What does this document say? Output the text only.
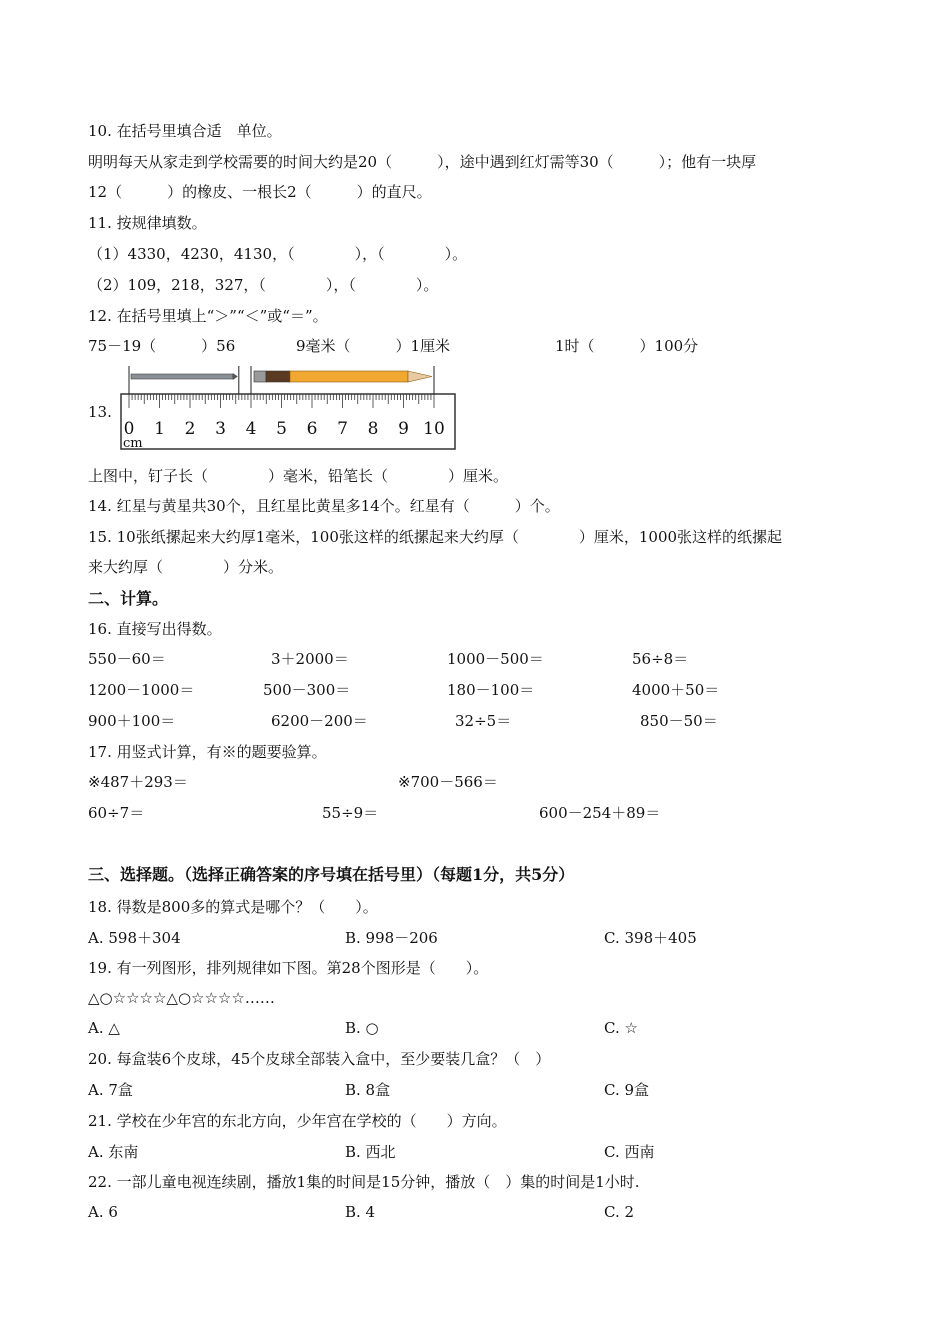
10. 在括号里填合适　单位。
明明每天从家走到学校需要的时间大约是20（　　　），途中遇到红灯需等30（　　　）；他有一块厚
12（　　　）的橡皮、一根长2（　　　）的直尺。
11. 按规律填数。
（1）4330，4230，4130，（　　　　），（　　　　）。
（2）109，218，327，（　　　　），（　　　　）。
12. 在括号里填上“＞”“＜”或“＝”。
75－19（　　　）56	9毫米（　　　）1厘米	1时（　　　）100分
13.
0 1 2 3 4 5 6 7 8 9 10
cm
上图中，钉子长（　　　　）毫米，铅笔长（　　　　）厘米。
14. 红星与黄星共30个，且红星比黄星多14个。红星有（　　　）个。
15. 10张纸摞起来大约厚1毫米，100张这样的纸摞起来大约厚（　　　　）厘米，1000张这样的纸摞起
来大约厚（　　　　）分米。
二、计算。
16. 直接写出得数。
550－60＝	3＋2000＝	1000－500＝	56÷8＝
1200－1000＝	500－300＝	180－100＝	4000＋50＝
900＋100＝	6200－200＝	32÷5＝	850－50＝
17. 用竖式计算，有※的题要验算。
※487＋293＝	※700－566＝
60÷7＝	55÷9＝	600－254＋89＝
三、选择题。（选择正确答案的序号填在括号里）（每题1分，共5分）
18. 得数是800多的算式是哪个？（　　）。
A. 598＋304	B. 998－206	C. 398＋405
19. 有一列图形，排列规律如下图。第28个图形是（　　）。
△○☆☆☆☆△○☆☆☆☆……
A. △	B. ○	C. ☆
20. 每盒装6个皮球，45个皮球全部装入盒中，至少要装几盒？（　）
A. 7盒	B. 8盒	C. 9盒
21. 学校在少年宫的东北方向，少年宫在学校的（　　）方向。
A. 东南	B. 西北	C. 西南
22. 一部儿童电视连续剧，播放1集的时间是15分钟，播放（　）集的时间是1小时.
A. 6	B. 4	C. 2
